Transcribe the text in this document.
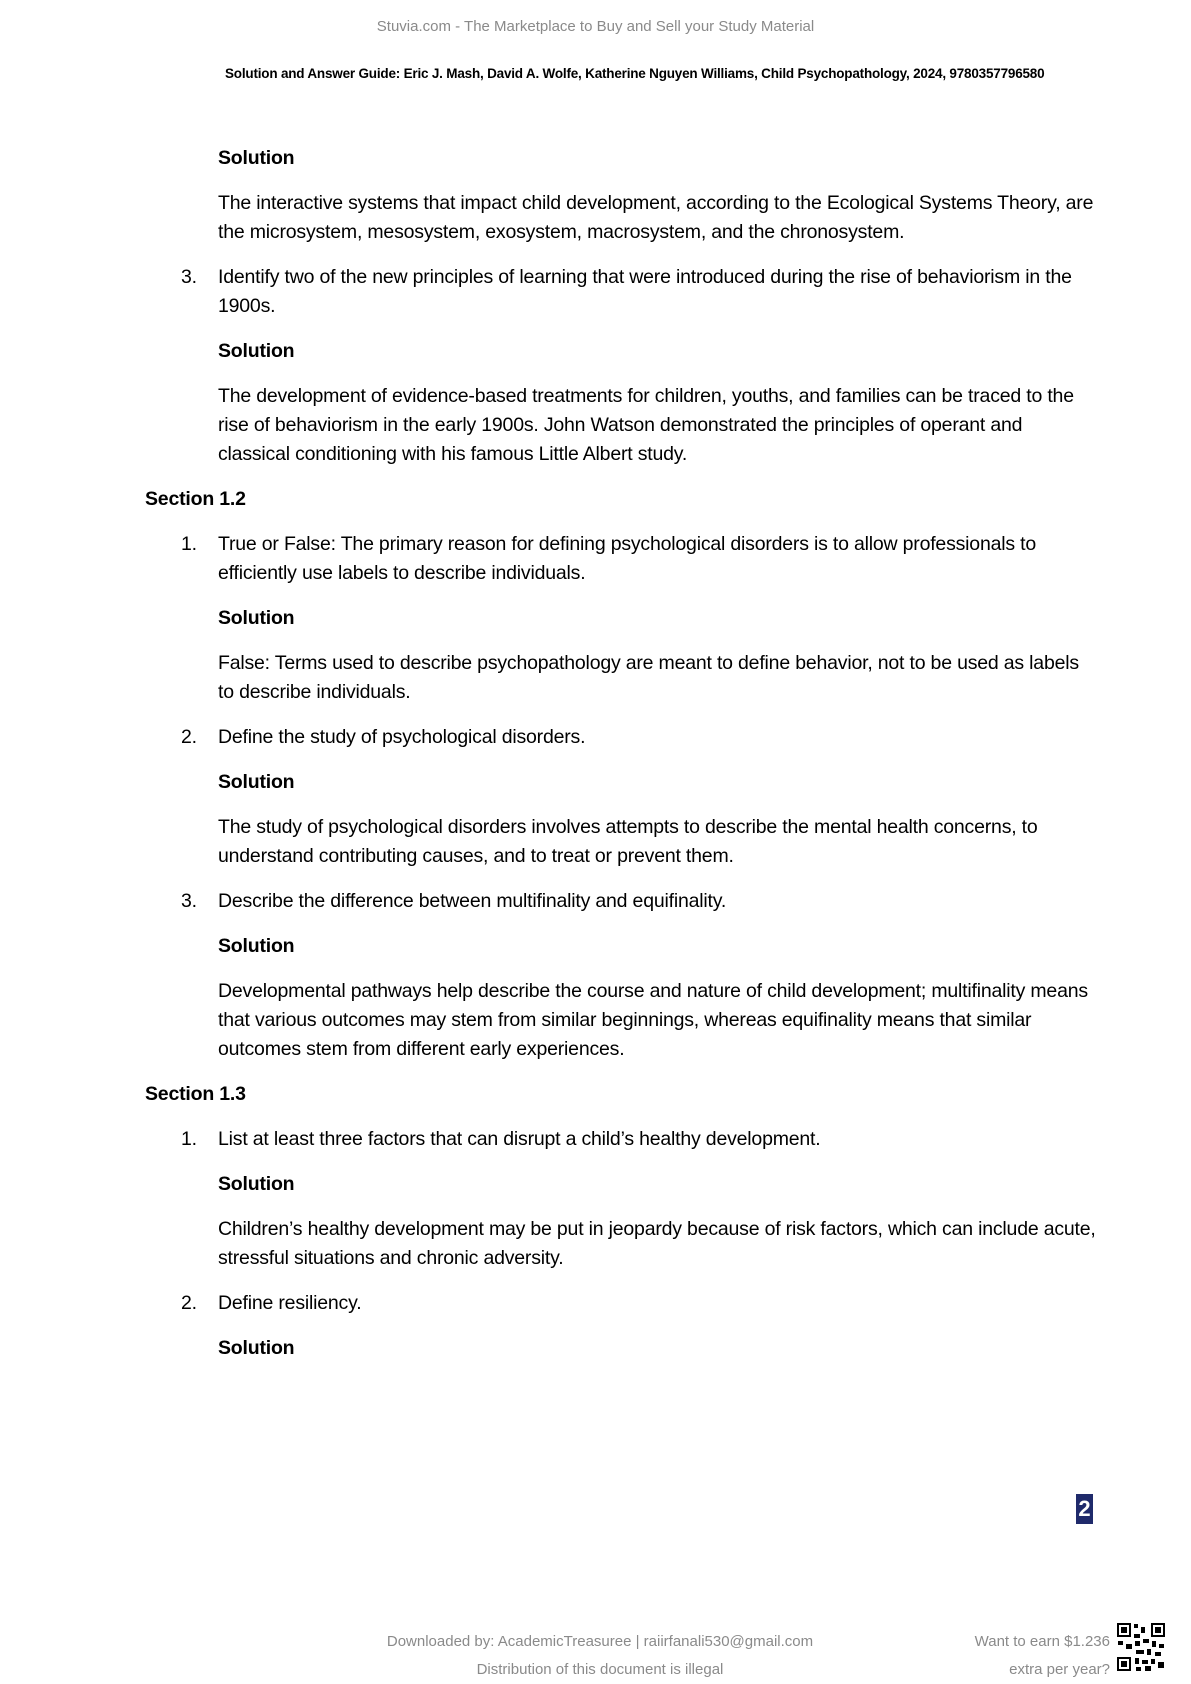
Stuvia.com - The Marketplace to Buy and Sell your Study Material
Solution and Answer Guide: Eric J. Mash, David A. Wolfe, Katherine Nguyen Williams, Child Psychopathology, 2024, 9780357796580
Solution
The interactive systems that impact child development, according to the Ecological Systems Theory, are the microsystem, mesosystem, exosystem, macrosystem, and the chronosystem.
3. Identify two of the new principles of learning that were introduced during the rise of behaviorism in the 1900s.
Solution
The development of evidence-based treatments for children, youths, and families can be traced to the rise of behaviorism in the early 1900s. John Watson demonstrated the principles of operant and classical conditioning with his famous Little Albert study.
Section 1.2
1. True or False: The primary reason for defining psychological disorders is to allow professionals to efficiently use labels to describe individuals.
Solution
False: Terms used to describe psychopathology are meant to define behavior, not to be used as labels to describe individuals.
2. Define the study of psychological disorders.
Solution
The study of psychological disorders involves attempts to describe the mental health concerns, to understand contributing causes, and to treat or prevent them.
3. Describe the difference between multifinality and equifinality.
Solution
Developmental pathways help describe the course and nature of child development; multifinality means that various outcomes may stem from similar beginnings, whereas equifinality means that similar outcomes stem from different early experiences.
Section 1.3
1. List at least three factors that can disrupt a child’s healthy development.
Solution
Children’s healthy development may be put in jeopardy because of risk factors, which can include acute, stressful situations and chronic adversity.
2. Define resiliency.
Solution
2
Downloaded by: AcademicTreasuree | raiirfanali530@gmail.com
Distribution of this document is illegal
Want to earn $1.236
extra per year?
